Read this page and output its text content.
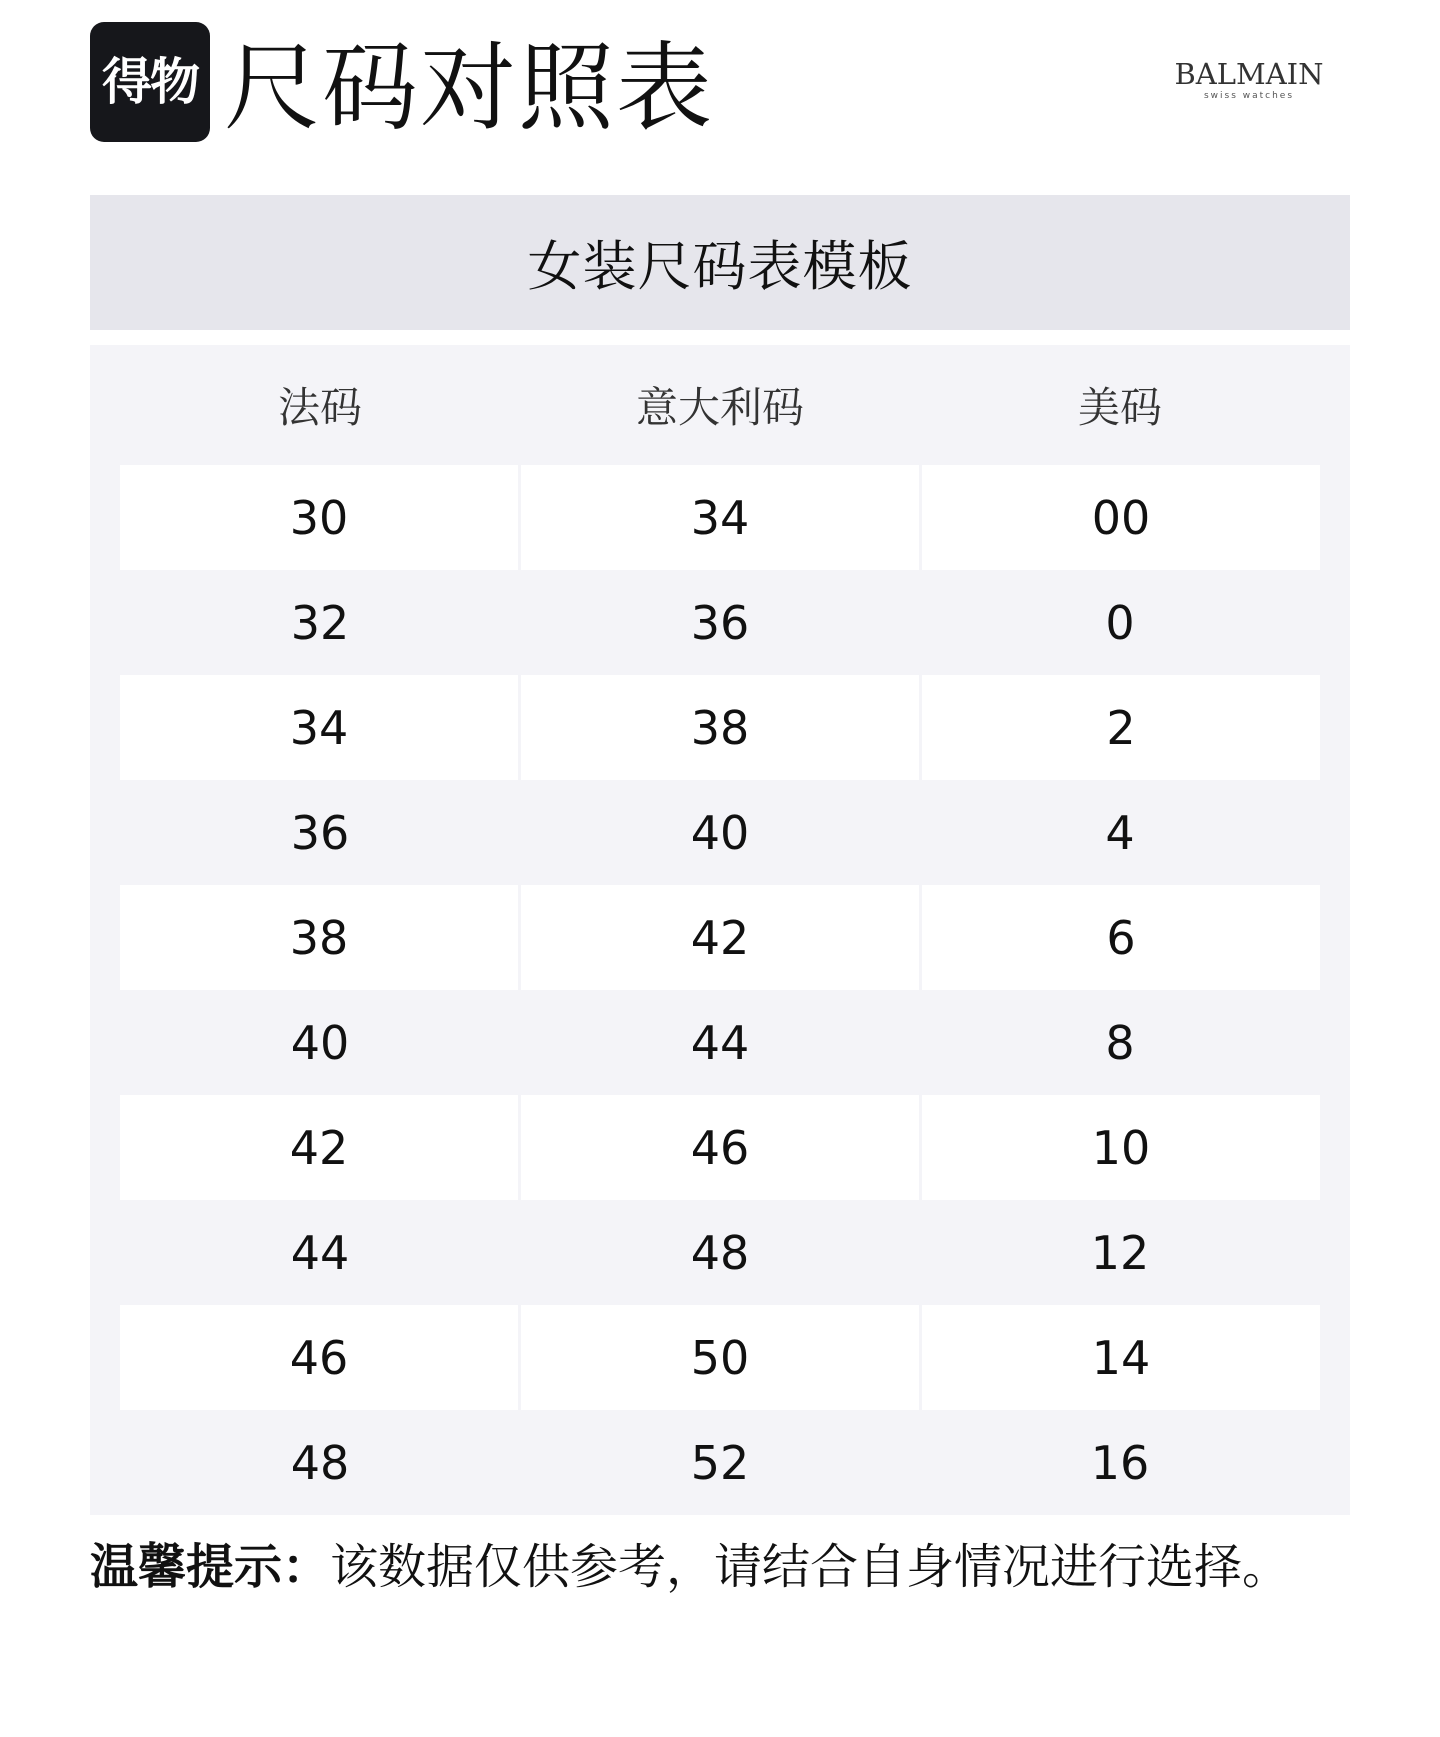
得物 尺码对照表	BALMAIN
swiss watches
女装尺码表模板
法码	意大利码	美码
30	34	00
32	36	0
34	38	2
36	40	4
38	42	6
40	44	8
42	46	10
44	48	12
46	50	14
48	52	16
温馨提示：该数据仅供参考，请结合自身情况进行选择。
